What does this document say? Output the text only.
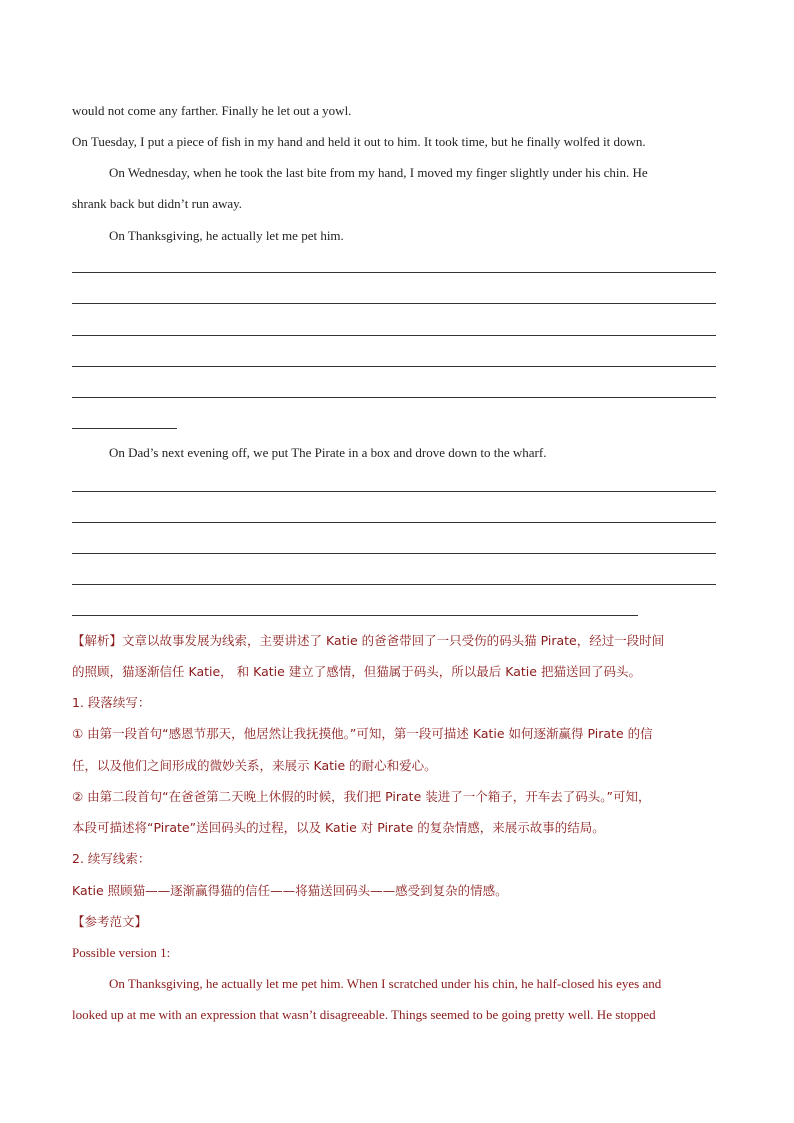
would not come any farther. Finally he let out a yowl.
On Tuesday, I put a piece of fish in my hand and held it out to him. It took time, but he finally wolfed it down.
On Wednesday, when he took the last bite from my hand, I moved my finger slightly under his chin. He
shrank back but didn’t run away.
On Thanksgiving, he actually let me pet him.
On Dad’s next evening off, we put The Pirate in a box and drove down to the wharf.
【解析】文章以故事发展为线索，主要讲述了 Katie 的爸爸带回了一只受伤的码头猫 Pirate，经过一段时间
的照顾，猫逐渐信任 Katie， 和 Katie 建立了感情，但猫属于码头，所以最后 Katie 把猫送回了码头。
1. 段落续写：
① 由第一段首句“感恩节那天，他居然让我抚摸他。”可知，第一段可描述 Katie 如何逐渐赢得 Pirate 的信
任，以及他们之间形成的微妙关系，来展示 Katie 的耐心和爱心。
② 由第二段首句“在爸爸第二天晚上休假的时候，我们把 Pirate 装进了一个箱子，开车去了码头。”可知，
本段可描述将“Pirate”送回码头的过程，以及 Katie 对 Pirate 的复杂情感，来展示故事的结局。
2. 续写线索：
Katie 照顾猫——逐渐赢得猫的信任——将猫送回码头——感受到复杂的情感。
【参考范文】
Possible version 1:
On Thanksgiving, he actually let me pet him. When I scratched under his chin, he half-closed his eyes and
looked up at me with an expression that wasn’t disagreeable. Things seemed to be going pretty well. He stopped
